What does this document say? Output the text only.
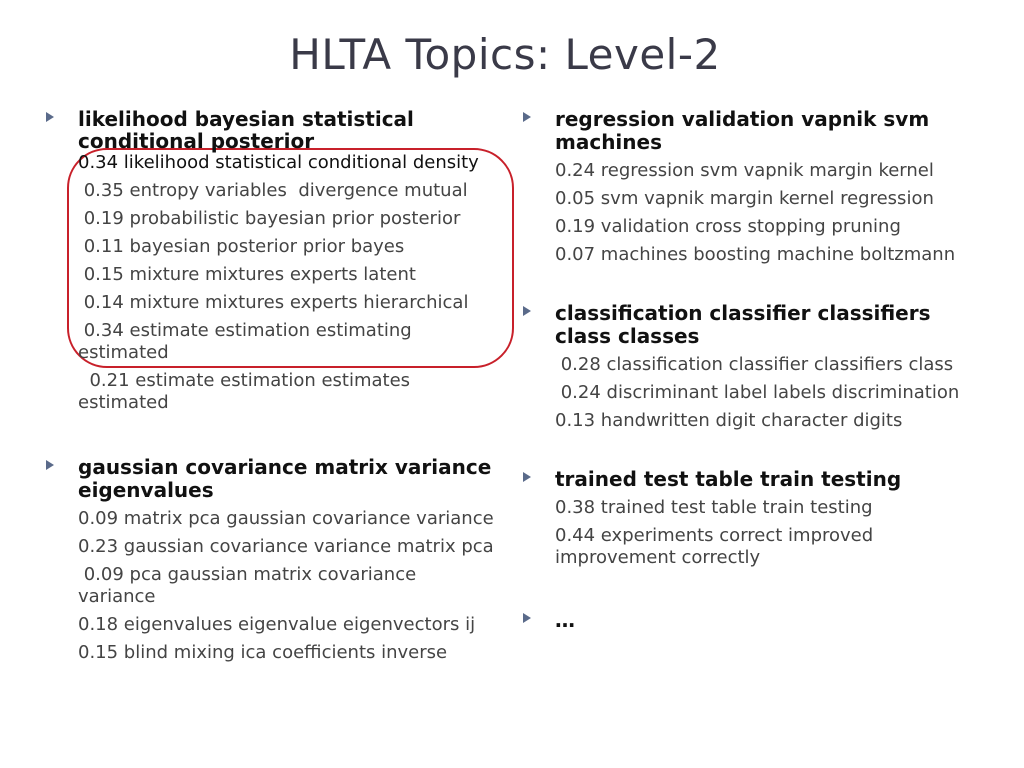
HLTA Topics: Level-2
likelihood bayesian statistical conditional posterior
0.34 likelihood statistical conditional density
0.35 entropy variables  divergence mutual
0.19 probabilistic bayesian prior posterior
0.11 bayesian posterior prior bayes
0.15 mixture mixtures experts latent
0.14 mixture mixtures experts hierarchical
0.34 estimate estimation estimating estimated
0.21 estimate estimation estimates estimated
gaussian covariance matrix variance eigenvalues
0.09 matrix pca gaussian covariance variance
0.23 gaussian covariance variance matrix pca
0.09 pca gaussian matrix covariance variance
0.18 eigenvalues eigenvalue eigenvectors ij
0.15 blind mixing ica coefficients inverse
regression validation vapnik svm machines
0.24 regression svm vapnik margin kernel
0.05 svm vapnik margin kernel regression
0.19 validation cross stopping pruning
0.07 machines boosting machine boltzmann
classification classifier classifiers class classes
0.28 classification classifier classifiers class
0.24 discriminant label labels discrimination
0.13 handwritten digit character digits
trained test table train testing
0.38 trained test table train testing
0.44 experiments correct improved improvement correctly
…
